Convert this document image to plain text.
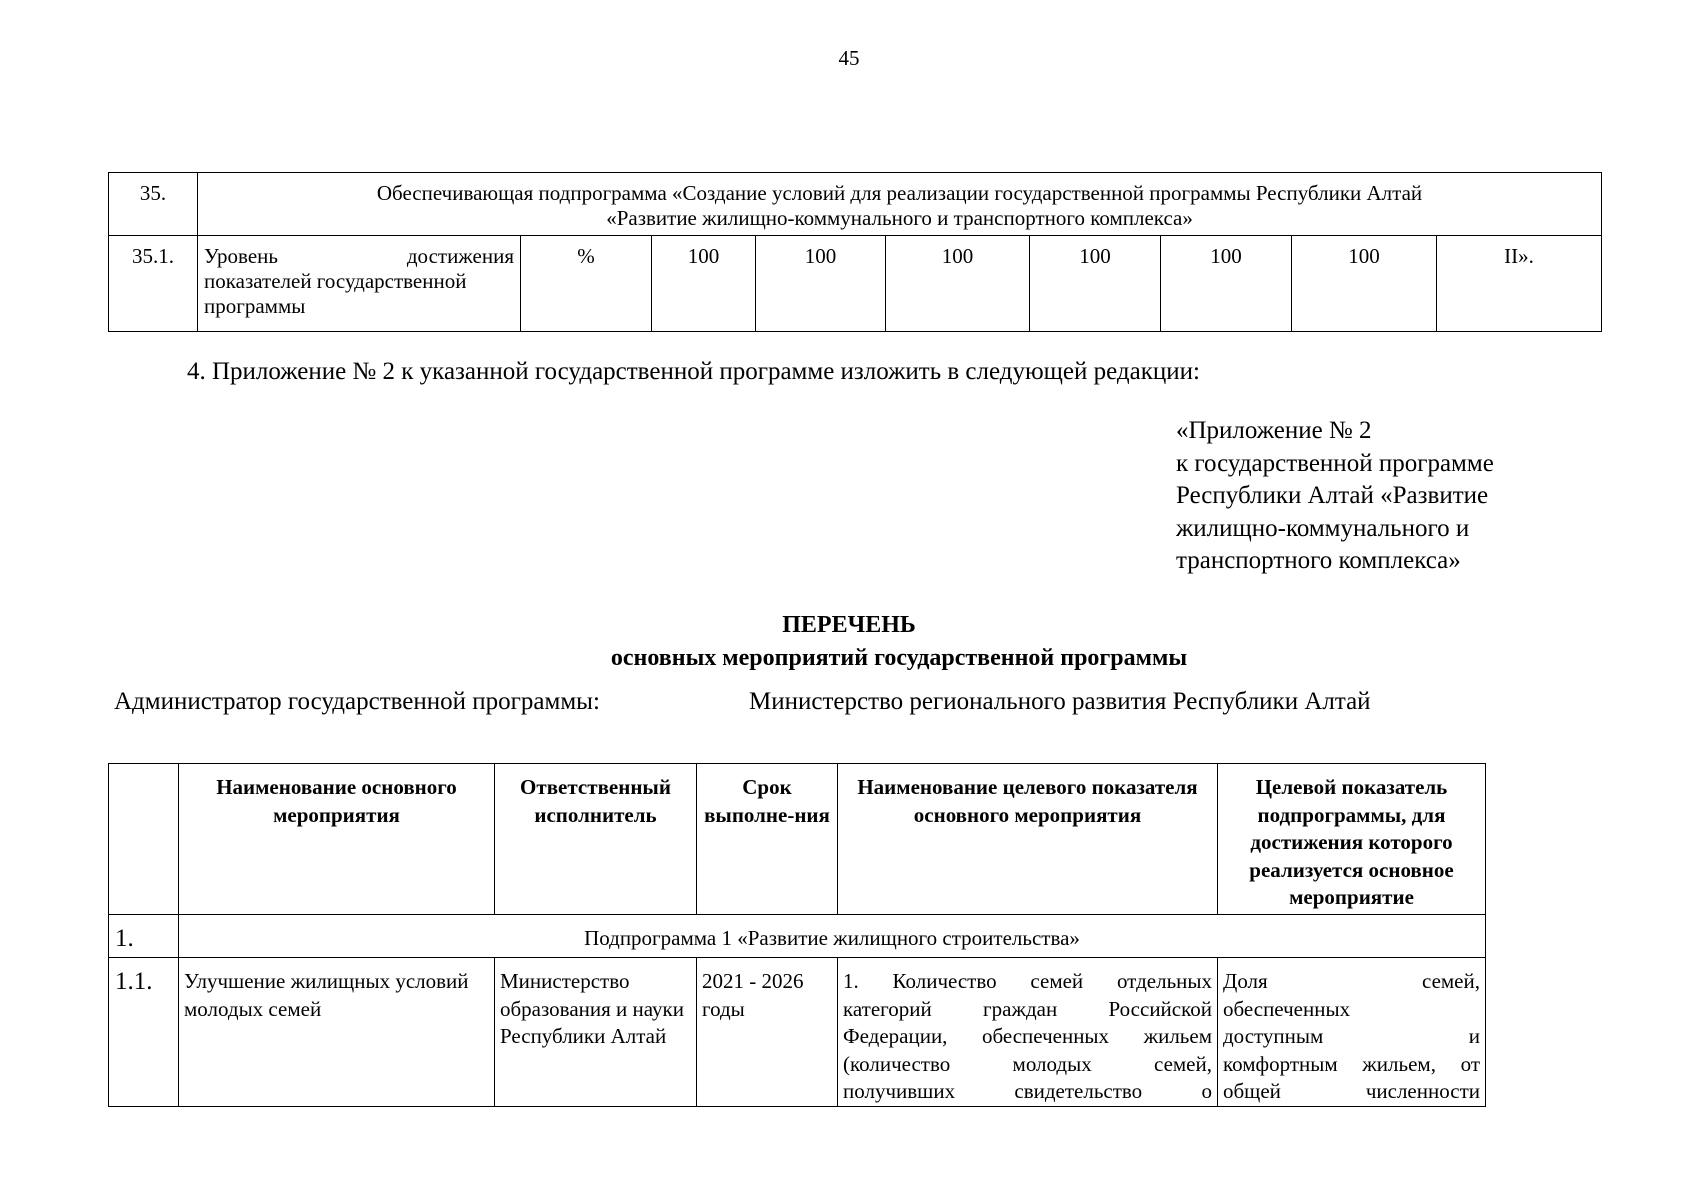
45
35.	Обеспечивающая подпрограмма «Создание условий для реализации государственной программы Республики Алтай
«Развитие жилищно-коммунального и транспортного комплекса»								

35.1.	Уровень достижения
показателей государственной
программы	%	100	100	100	100	100	100	II».
4. Приложение № 2 к указанной государственной программе изложить в следующей редакции:
«Приложение № 2
к государственной программе
Республики Алтай «Развитие
жилищно-коммунального и
транспортного комплекса»
ПЕРЕЧЕНЬ
основных мероприятий государственной программы
Администратор государственной программы:	Министерство регионального развития Республики Алтай
	Наименование основного мероприятия	Ответственный исполнитель	Срок выполне-ния	Наименование целевого показателя основного мероприятия	Целевой показатель подпрограммы, для достижения которого реализуется основное мероприятие
1.	Подпрограмма 1 «Развитие жилищного строительства»				
1.1.	Улучшение жилищных условий молодых семей	Министерство образования и науки Республики Алтай	2021 - 2026 годы	1. Количество семей отдельных
категорий граждан Российской
Федерации, обеспеченных жильем
(количество молодых семей,
получивших свидетельство о	Доля семей,
обеспеченных
доступным и
комфортным жильем, от
общей численности
